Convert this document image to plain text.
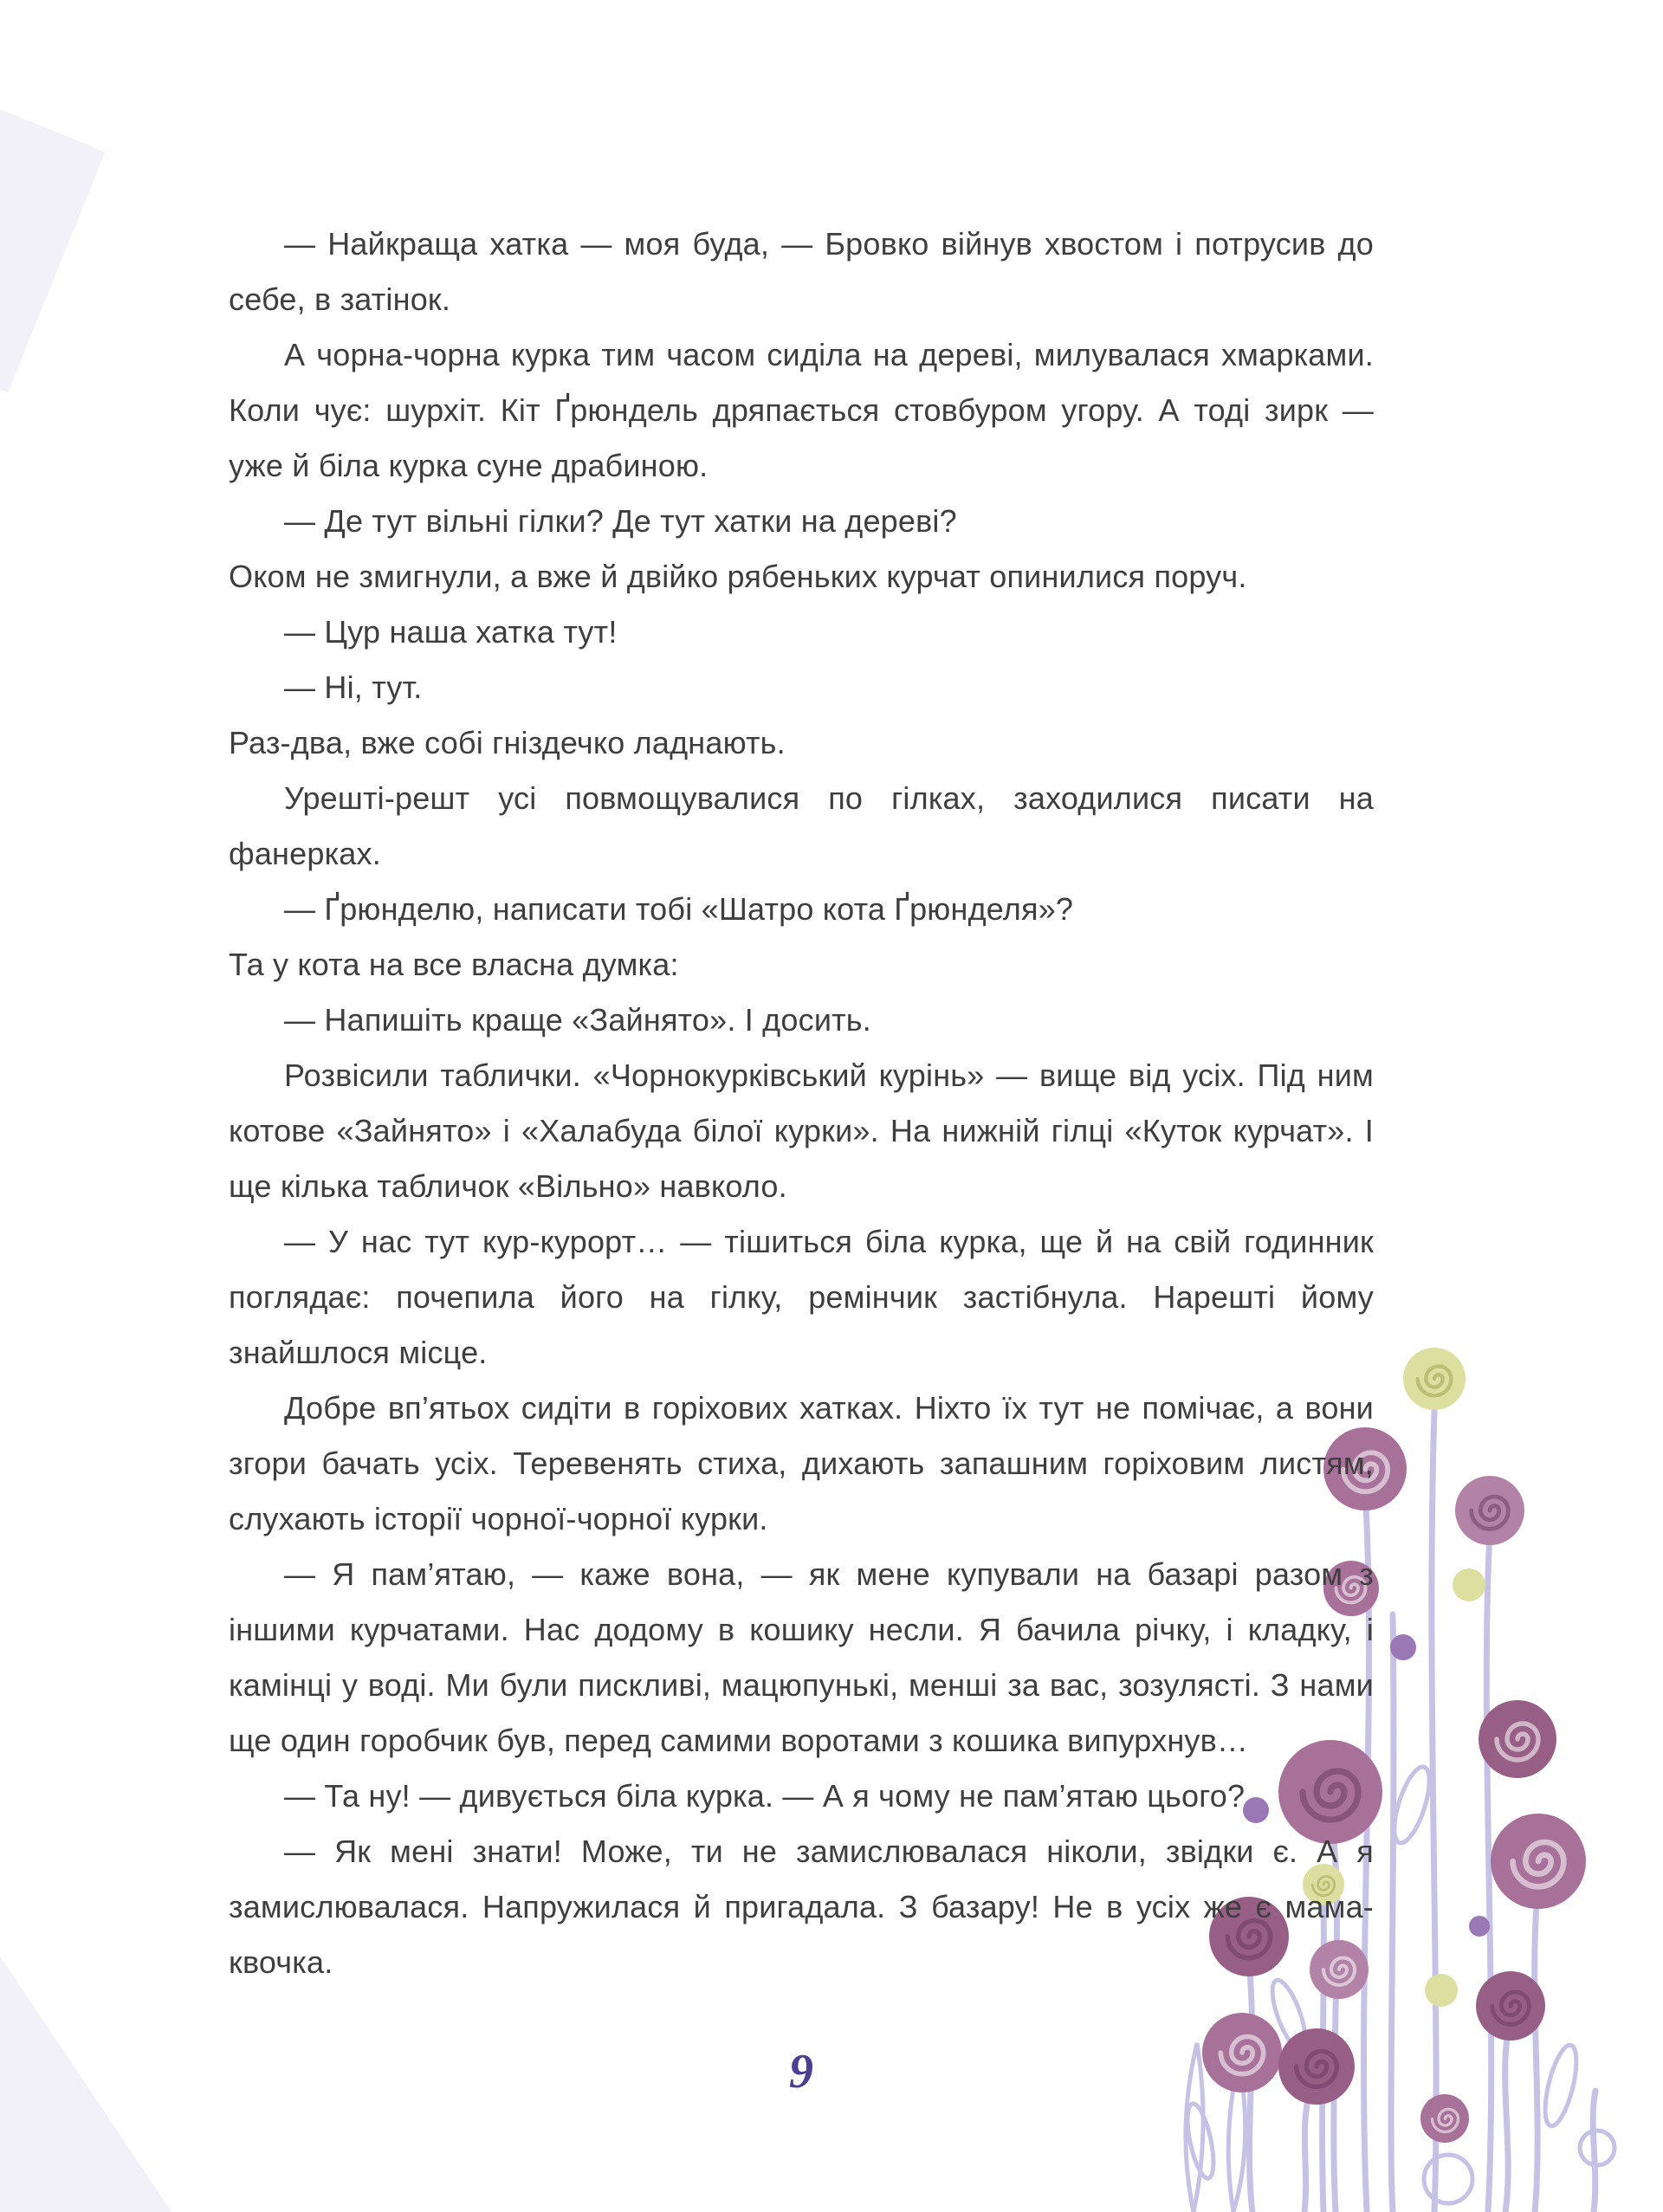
— Найкраща хатка — моя буда, — Бровко війнув хвостом і потрусив до себе, в затінок.

А чорна-чорна курка тим часом сиділа на дереві, милувалася хмарками. Коли чує: шурхіт. Кіт Ґрюндель дряпається стовбуром угору. А тоді зирк — уже й біла курка суне драбиною.

— Де тут вільні гілки? Де тут хатки на дереві?

Оком не змигнули, а вже й двійко рябеньких курчат опинилися поруч.

— Цур наша хатка тут!

— Ні, тут.

Раз-два, вже собі гніздечко ладнають.

Урешті-решт усі повмощувалися по гілках, заходилися писати на фанерках.

— Ґрюнделю, написати тобі «Шатро кота Ґрюнделя»?

Та у кота на все власна думка:

— Напишіть краще «Зайнято». І досить.

Розвісили таблички. «Чорнокурківський курінь» — вище від усіх. Під ним котове «Зайнято» і «Халабуда білої курки». На нижній гілці «Куток курчат». І ще кілька табличок «Вільно» навколо.

— У нас тут кур-курорт… — тішиться біла курка, ще й на свій годинник поглядає: почепила його на гілку, ремінчик застібнула. Нарешті йому знайшлося місце.

Добре вп’ятьох сидіти в горіхових хатках. Ніхто їх тут не помічає, а вони згори бачать усіх. Теревенять стиха, дихають запашним горіховим листям, слухають історії чорної-чорної курки.

— Я пам’ятаю, — каже вона, — як мене купували на базарі разом з іншими курчатами. Нас додому в кошику несли. Я бачила річку, і кладку, і камінці у воді. Ми були пискливі, мацюпунькі, менші за вас, зозулясті. З нами ще один горобчик був, перед самими воротами з кошика випурхнув…

— Та ну! — дивується біла курка. — А я чому не пам’ятаю цього?

— Як мені знати! Може, ти не замислювалася ніколи, звідки є. А я замислювалася. Напружилася й пригадала. З базару! Не в усіх же є мама-квочка.

9
